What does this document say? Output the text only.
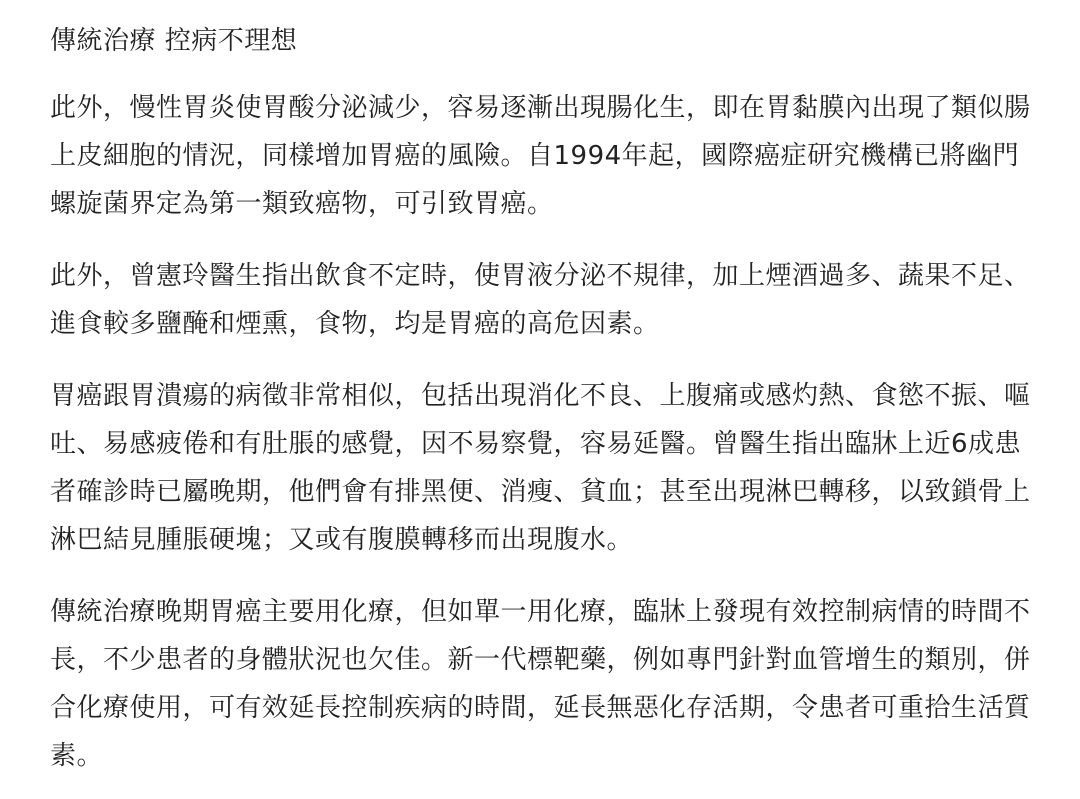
傳統治療 控病不理想

此外，慢性胃炎使胃酸分泌減少，容易逐漸出現腸化生，即在胃黏膜內出現了類似腸上皮細胞的情況，同樣增加胃癌的風險。自1994年起，國際癌症研究機構已將幽門螺旋菌界定為第一類致癌物，可引致胃癌。

此外，曾憲玲醫生指出飲食不定時，使胃液分泌不規律，加上煙酒過多、蔬果不足、進食較多鹽醃和煙熏，食物，均是胃癌的高危因素。

胃癌跟胃潰瘍的病徵非常相似，包括出現消化不良、上腹痛或感灼熱、食慾不振、嘔吐、易感疲倦和有肚脹的感覺，因不易察覺，容易延醫。曾醫生指出臨牀上近6成患者確診時已屬晚期，他們會有排黑便、消瘦、貧血；甚至出現淋巴轉移，以致鎖骨上淋巴結見腫脹硬塊；又或有腹膜轉移而出現腹水。

傳統治療晚期胃癌主要用化療，但如單一用化療，臨牀上發現有效控制病情的時間不長，不少患者的身體狀況也欠佳。新一代標靶藥，例如專門針對血管增生的類別，併合化療使用，可有效延長控制疾病的時間，延長無惡化存活期，令患者可重拾生活質素。
